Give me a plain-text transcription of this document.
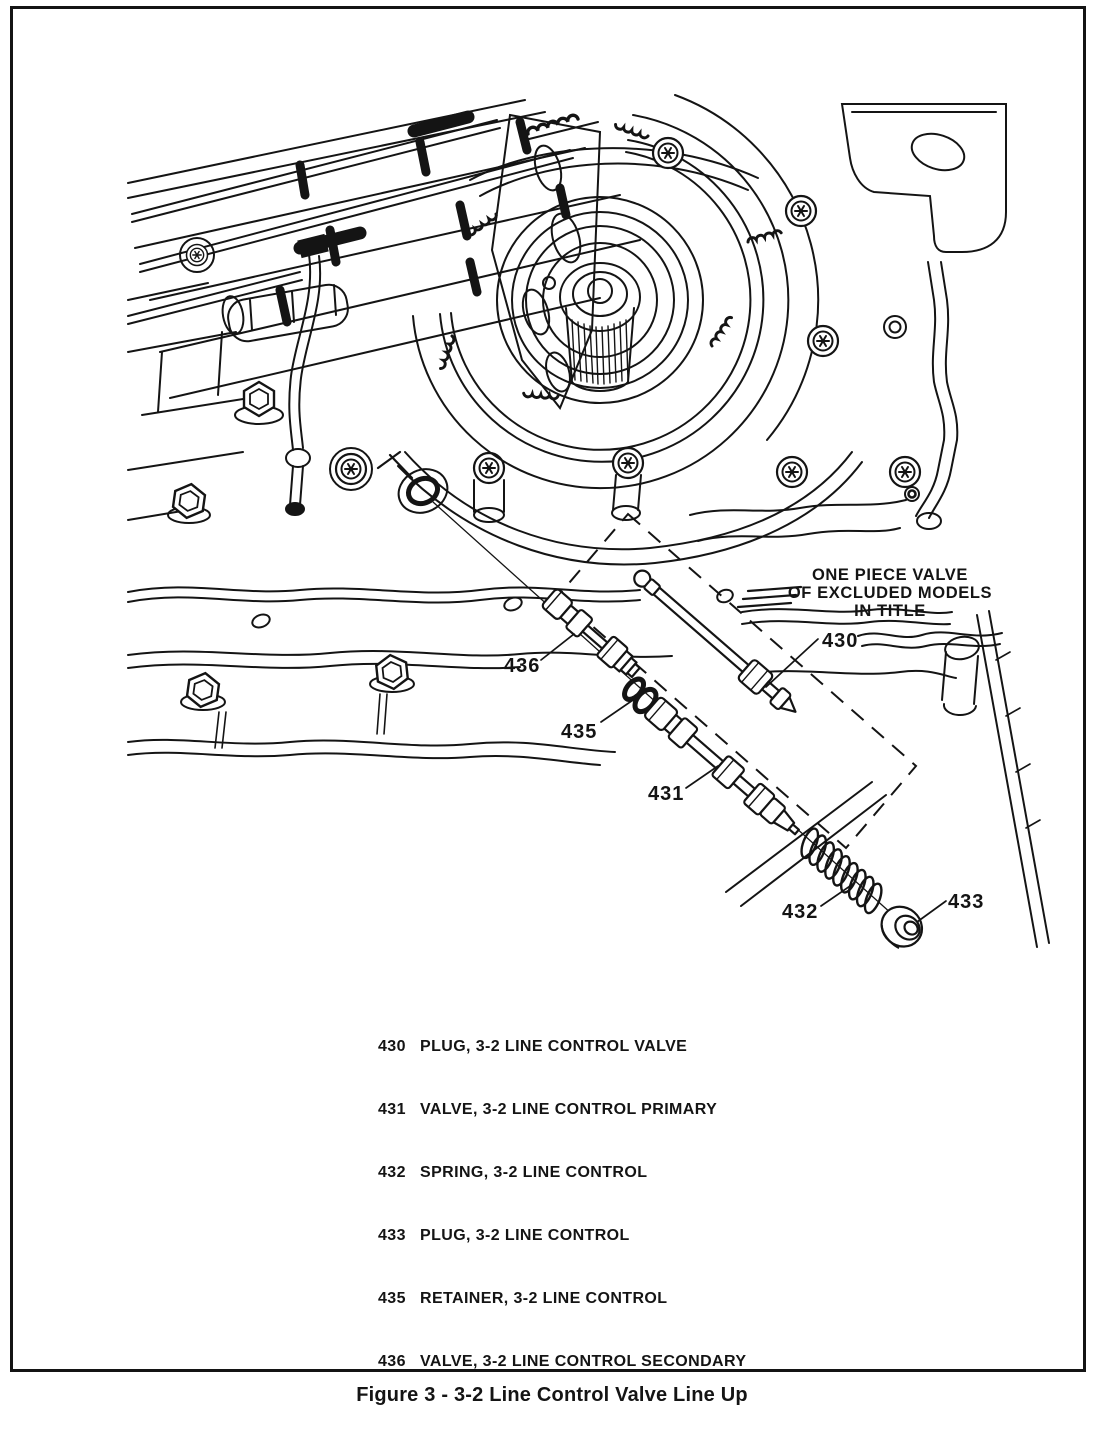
436
435
431
430
432	433
ONE PIECE VALVE
OF EXCLUDED MODELS
IN TITLE

430 PLUG, 3-2 LINE CONTROL VALVE

431 VALVE, 3-2 LINE CONTROL PRIMARY

432 SPRING, 3-2 LINE CONTROL

433 PLUG, 3-2 LINE CONTROL

435 RETAINER, 3-2 LINE CONTROL

436 VALVE, 3-2 LINE CONTROL SECONDARY

Figure 3 - 3-2 Line Control Valve Line Up
